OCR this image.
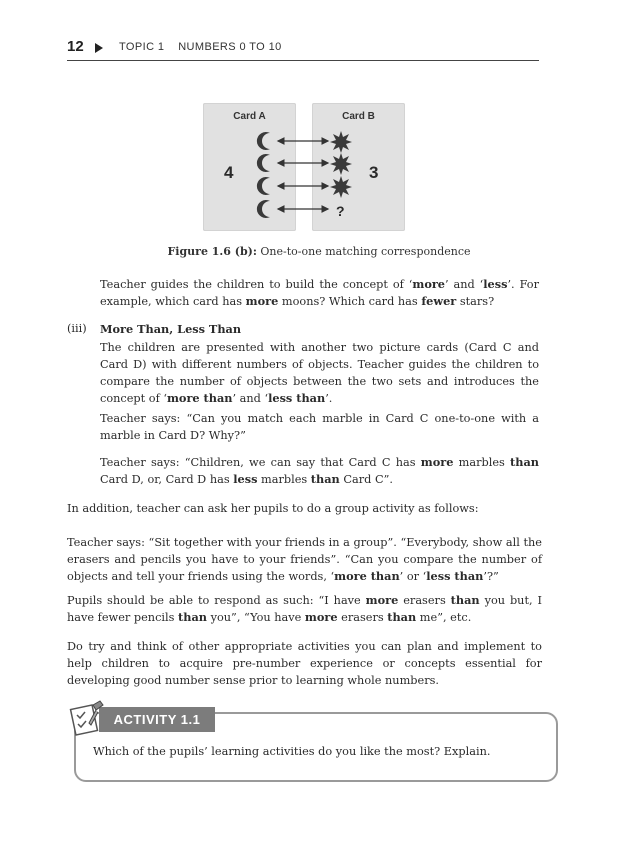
12	TOPIC 1    NUMBERS 0 TO 10
Card A
4
Card B
3
?
Figure 1.6 (b): One-to-one matching correspondence
Teacher guides the children to build the concept of ‘more’ and ‘less’. For example, which card has more moons? Which card has fewer stars?
(iii) More Than, Less Than
The children are presented with another two picture cards (Card C and Card D) with different numbers of objects. Teacher guides the children to compare the number of objects between the two sets and introduces the concept of ‘more than’ and ‘less than’.
Teacher says: “Can you match each marble in Card C one-to-one with a marble in Card D? Why?”
Teacher says: “Children, we can say that Card C has more marbles than Card D, or, Card D has less marbles than Card C”.
In addition, teacher can ask her pupils to do a group activity as follows:
Teacher says: “Sit together with your friends in a group”. “Everybody, show all the erasers and pencils you have to your friends”. “Can you compare the number of objects and tell your friends using the words, ‘more than’ or ‘less than’?”
Pupils should be able to respond as such: “I have more erasers than you but, I have fewer pencils than you”, “You have more erasers than me”, etc.
Do try and think of other appropriate activities you can plan and implement to help children to acquire pre-number experience or concepts essential for developing good number sense prior to learning whole numbers.
ACTIVITY 1.1
Which of the pupils’ learning activities do you like the most? Explain.
